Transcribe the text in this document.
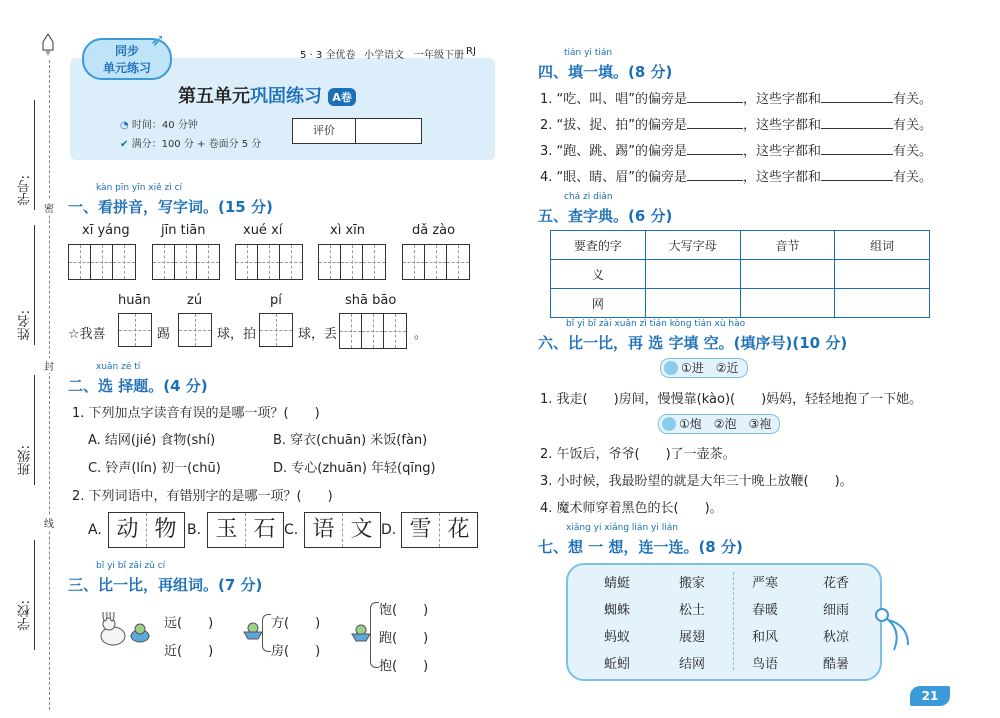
学号:
密
姓名:
封
班级:
线
学校:
同步
单元练习
➶
5 · 3 全优卷 小学语文 一年级下册 RJ
第五单元巩固练习 A卷
◔ 时间：40 分钟
✔ 满分：100 分 + 卷面分 5 分
评价
kàn pīn yīn xiě zì cí
一、看拼音，写字词。(15 分)
xī yáng jīn tiān	xué xí	xì xīn	dǎ zào
huān	zú	pí	shā bāo
☆我喜	踢	球，拍	球，丢	。
xuǎn zé tí
二、选 择题。(4 分)
1. 下列加点字读音有误的是哪一项？(　　)
A. 结网(jié) 食物(shí)	B. 穿衣(chuān) 米饭(fàn)
C. 铃声(lín) 初一(chū)	D. 专心(zhuān) 年轻(qīng)
2. 下列词语中，有错别字的是哪一项？(　　)
A. 动 物 B. 玉 石 C. 语 文 D. 雪 花
bǐ yi bǐ zǎi zǔ cí
三、比一比，再组词。(7 分)
远(　　)
近(　　)
方(　　)
房(　　)
饱(　　)
跑(　　)
抱(　　)
tián yi tián
四、填一填。(8 分)
1. “吃、叫、唱”的偏旁是	，这些字都和	有关。
2. “拔、捉、拍”的偏旁是	，这些字都和	有关。
3. “跑、跳、踢”的偏旁是	，这些字都和	有关。
4. “眼、睛、眉”的偏旁是	，这些字都和	有关。
chá zì diǎn
五、查字典。(6 分)
要查的字	大写字母	音节	组词
义			
网			
bǐ yi bǐ zài xuǎn zì tián kòng tián xù hào
六、比一比，再 选 字填 空。(填序号)(10 分)
①进　②近
1. 我走(　　)房间，慢慢靠(kào)(　　)妈妈，轻轻地抱了一下她。
①炮　②泡　③袍
2. 午饭后，爷爷(　　)了一壶茶。
3. 小时候，我最盼望的就是大年三十晚上放鞭(　　)。
4. 魔术师穿着黑色的长(　　)。
xiǎng yi xiǎng lián yi lián
七、想 一 想，连一连。(8 分)
蜻蜓
蜘蛛
蚂蚁
蚯蚓
搬家
松土
展翅
结网
严寒
春暖
和风
鸟语
花香
细雨
秋凉
酷暑
21
